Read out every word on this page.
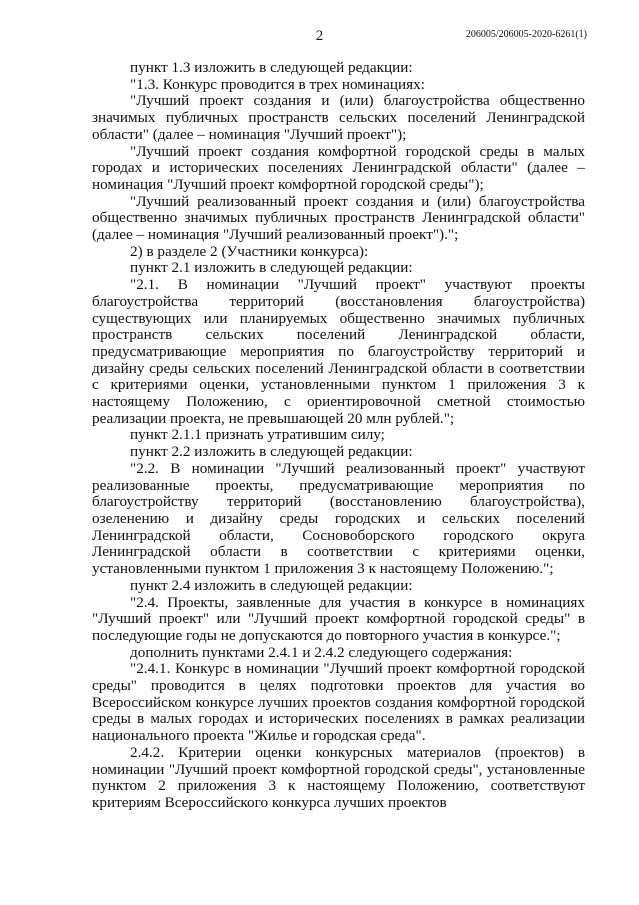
2	206005/206005-2020-6261(1)

пункт 1.3 изложить в следующей редакции:

"1.3. Конкурс проводится в трех номинациях:

"Лучший проект создания и (или) благоустройства общественно значимых публичных пространств сельских поселений Ленинградской области" (далее – номинация "Лучший проект");

"Лучший проект создания комфортной городской среды в малых городах и исторических поселениях Ленинградской области" (далее – номинация "Лучший проект комфортной городской среды");

"Лучший реализованный проект создания и (или) благоустройства общественно значимых публичных пространств Ленинградской области" (далее – номинация "Лучший реализованный проект").";

2) в разделе 2 (Участники конкурса):

пункт 2.1 изложить в следующей редакции:

"2.1. В номинации "Лучший проект" участвуют проекты благоустройства территорий (восстановления благоустройства) существующих или планируемых общественно значимых публичных пространств сельских поселений Ленинградской области, предусматривающие мероприятия по благоустройству территорий и дизайну среды сельских поселений Ленинградской области в соответствии с критериями оценки, установленными пунктом 1 приложения 3 к настоящему Положению, с ориентировочной сметной стоимостью реализации проекта, не превышающей 20 млн рублей.";

пункт 2.1.1 признать утратившим силу;

пункт 2.2 изложить в следующей редакции:

"2.2. В номинации "Лучший реализованный проект" участвуют реализованные проекты, предусматривающие мероприятия по благоустройству территорий (восстановлению благоустройства), озеленению и дизайну среды городских и сельских поселений Ленинградской области, Сосновоборского городского округа Ленинградской области в соответствии с критериями оценки, установленными пунктом 1 приложения 3 к настоящему Положению.";

пункт 2.4 изложить в следующей редакции:

"2.4. Проекты, заявленные для участия в конкурсе в номинациях "Лучший проект" или "Лучший проект комфортной городской среды" в последующие годы не допускаются до повторного участия в конкурсе.";

дополнить пунктами 2.4.1 и 2.4.2 следующего содержания:

"2.4.1. Конкурс в номинации "Лучший проект комфортной городской среды" проводится в целях подготовки проектов для участия во Всероссийском конкурсе лучших проектов создания комфортной городской среды в малых городах и исторических поселениях в рамках реализации национального проекта "Жилье и городская среда".

2.4.2. Критерии оценки конкурсных материалов (проектов) в номинации "Лучший проект комфортной городской среды", установленные пунктом 2 приложения 3 к настоящему Положению, соответствуют критериям Всероссийского конкурса лучших проектов
